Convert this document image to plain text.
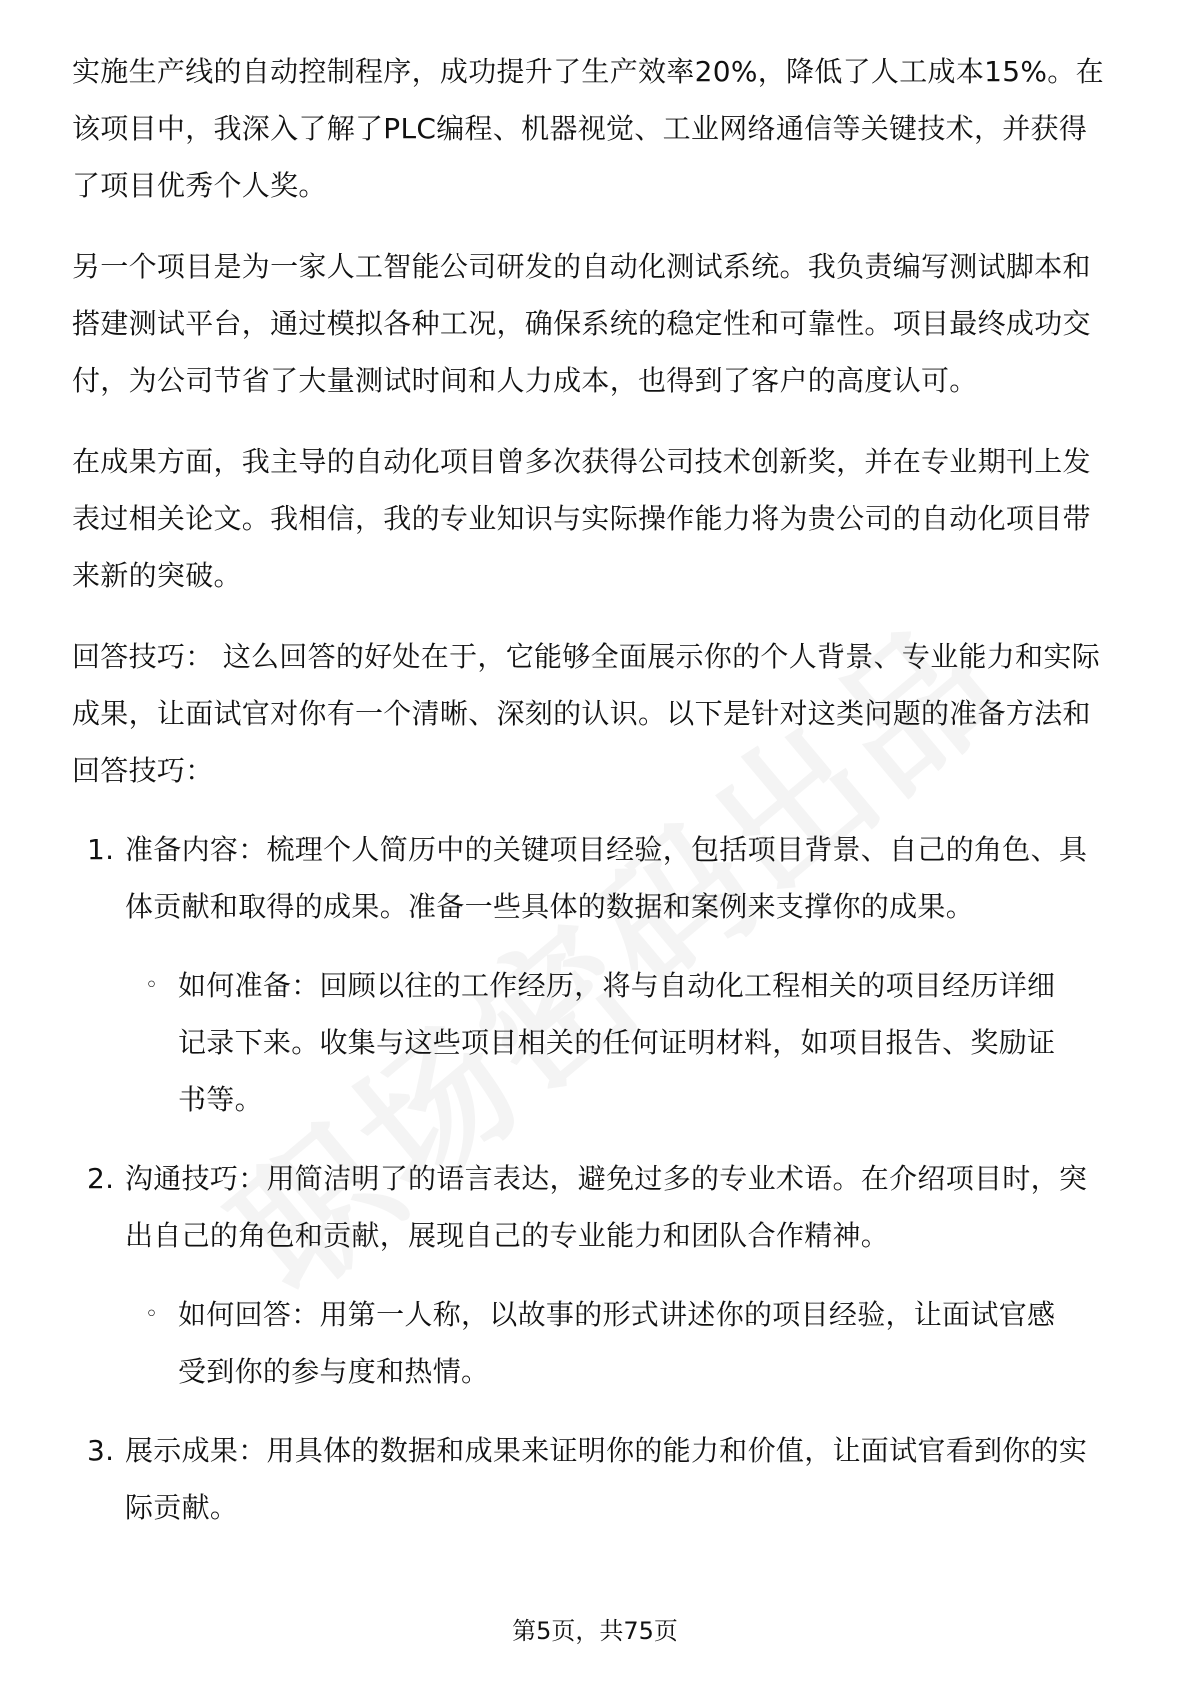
实施生产线的自动控制程序，成功提升了生产效率20%，降低了人工成本15%。在该项目中，我深入了解了PLC编程、机器视觉、工业网络通信等关键技术，并获得了项目优秀个人奖。

另一个项目是为一家人工智能公司研发的自动化测试系统。我负责编写测试脚本和搭建测试平台，通过模拟各种工况，确保系统的稳定性和可靠性。项目最终成功交付，为公司节省了大量测试时间和人力成本，也得到了客户的高度认可。

在成果方面，我主导的自动化项目曾多次获得公司技术创新奖，并在专业期刊上发表过相关论文。我相信，我的专业知识与实际操作能力将为贵公司的自动化项目带来新的突破。

回答技巧： 这么回答的好处在于，它能够全面展示你的个人背景、专业能力和实际成果，让面试官对你有一个清晰、深刻的认识。以下是针对这类问题的准备方法和回答技巧：

1. 准备内容：梳理个人简历中的关键项目经验，包括项目背景、自己的角色、具体贡献和取得的成果。准备一些具体的数据和案例来支撑你的成果。
◦ 如何准备：回顾以往的工作经历，将与自动化工程相关的项目经历详细记录下来。收集与这些项目相关的任何证明材料，如项目报告、奖励证书等。
2. 沟通技巧：用简洁明了的语言表达，避免过多的专业术语。在介绍项目时，突出自己的角色和贡献，展现自己的专业能力和团队合作精神。
◦ 如何回答：用第一人称，以故事的形式讲述你的项目经验，让面试官感受到你的参与度和热情。
3. 展示成果：用具体的数据和成果来证明你的能力和价值，让面试官看到你的实际贡献。
第5页，共75页
